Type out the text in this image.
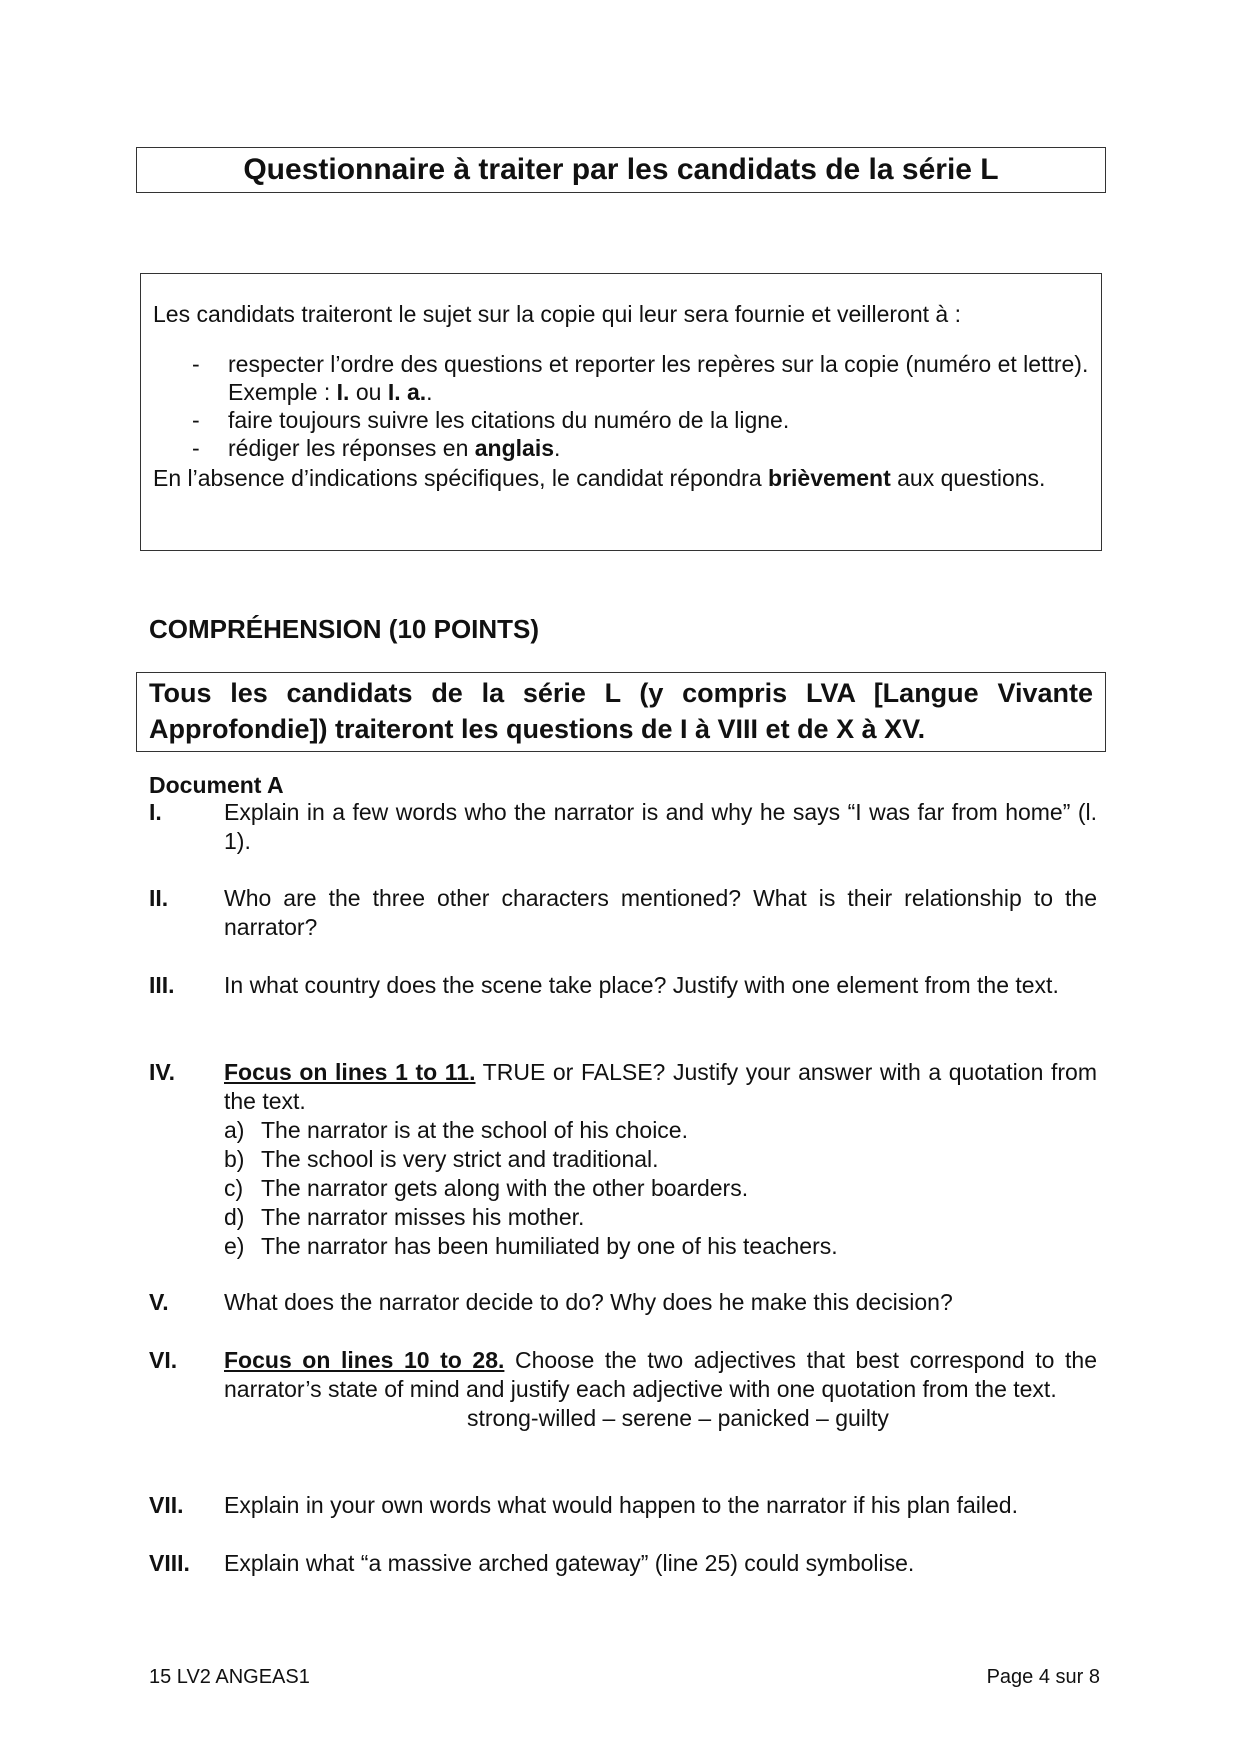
Questionnaire à traiter par les candidats de la série L
Les candidats traiteront le sujet sur la copie qui leur sera fournie et veilleront à :
- respecter l’ordre des questions et reporter les repères sur la copie (numéro et lettre). Exemple : I. ou I. a..
- faire toujours suivre les citations du numéro de la ligne.
- rédiger les réponses en anglais.
En l’absence d’indications spécifiques, le candidat répondra brièvement aux questions.
COMPRÉHENSION (10 POINTS)
Tous les candidats de la série L (y compris LVA [Langue Vivante Approfondie]) traiteront les questions de I à VIII et de X à XV.
Document A
I.	Explain in a few words who the narrator is and why he says “I was far from home” (l. 1).
II. Who are the three other characters mentioned? What is their relationship to the narrator?
III. In what country does the scene take place? Justify with one element from the text.
IV. Focus on lines 1 to 11. TRUE or FALSE? Justify your answer with a quotation from the text.
a) The narrator is at the school of his choice.
b) The school is very strict and traditional.
c) The narrator gets along with the other boarders.
d) The narrator misses his mother.
e) The narrator has been humiliated by one of his teachers.
V. What does the narrator decide to do? Why does he make this decision?
VI. Focus on lines 10 to 28. Choose the two adjectives that best correspond to the narrator’s state of mind and justify each adjective with one quotation from the text.
strong-willed – serene – panicked – guilty
VII. Explain in your own words what would happen to the narrator if his plan failed.
VIII. Explain what “a massive arched gateway” (line 25) could symbolise.
15 LV2 ANGEAS1	Page 4 sur 8
